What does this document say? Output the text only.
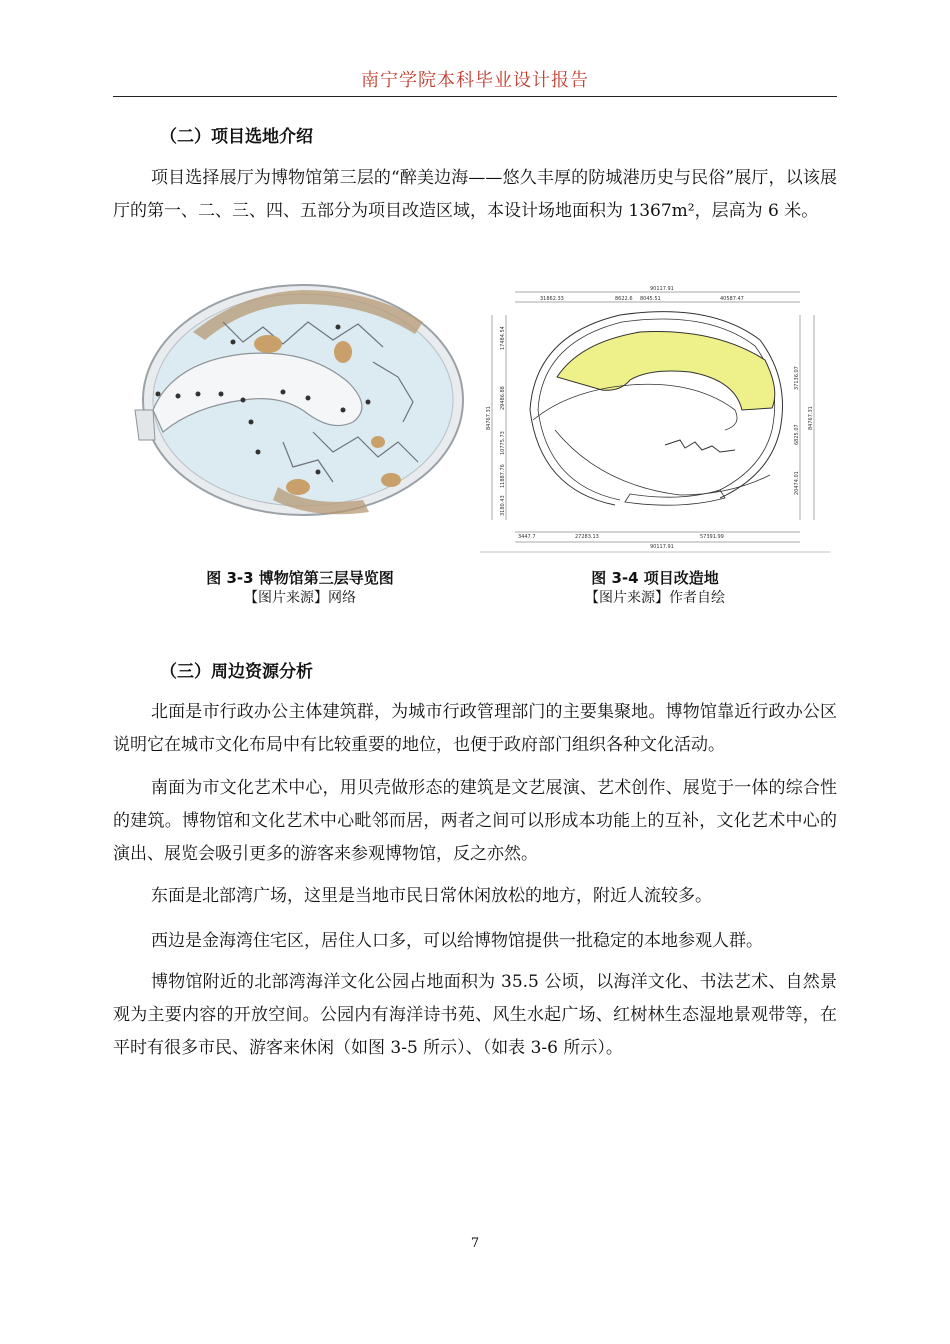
南宁学院本科毕业设计报告
（二）项目选地介绍

项目选择展厅为博物馆第三层的“醉美边海——悠久丰厚的防城港历史与民俗”展厅，以该展厅的第一、二、三、四、五部分为项目改造区域，本设计场地面积为 1367m²，层高为 6 米。

图 3-3 博物馆第三层导览图
【图片来源】网络
90117.91
31862.33	8622.6 8045.51	40587.47
84767.31
17484.54
29486.88
10775.73
11887.76
3180.43
37136.07
6825.07
20474.01
84767.31
3447.7	27283.13	57391.99
90117.91
图 3-4 项目改造地
【图片来源】作者自绘
（三）周边资源分析

北面是市行政办公主体建筑群，为城市行政管理部门的主要集聚地。博物馆靠近行政办公区说明它在城市文化布局中有比较重要的地位，也便于政府部门组织各种文化活动。

南面为市文化艺术中心，用贝壳做形态的建筑是文艺展演、艺术创作、展览于一体的综合性的建筑。博物馆和文化艺术中心毗邻而居，两者之间可以形成本功能上的互补，文化艺术中心的演出、展览会吸引更多的游客来参观博物馆，反之亦然。

东面是北部湾广场，这里是当地市民日常休闲放松的地方，附近人流较多。

西边是金海湾住宅区，居住人口多，可以给博物馆提供一批稳定的本地参观人群。

博物馆附近的北部湾海洋文化公园占地面积为 35.5 公顷，以海洋文化、书法艺术、自然景观为主要内容的开放空间。公园内有海洋诗书苑、风生水起广场、红树林生态湿地景观带等，在平时有很多市民、游客来休闲（如图 3-5 所示）、（如表 3-6 所示）。

7
